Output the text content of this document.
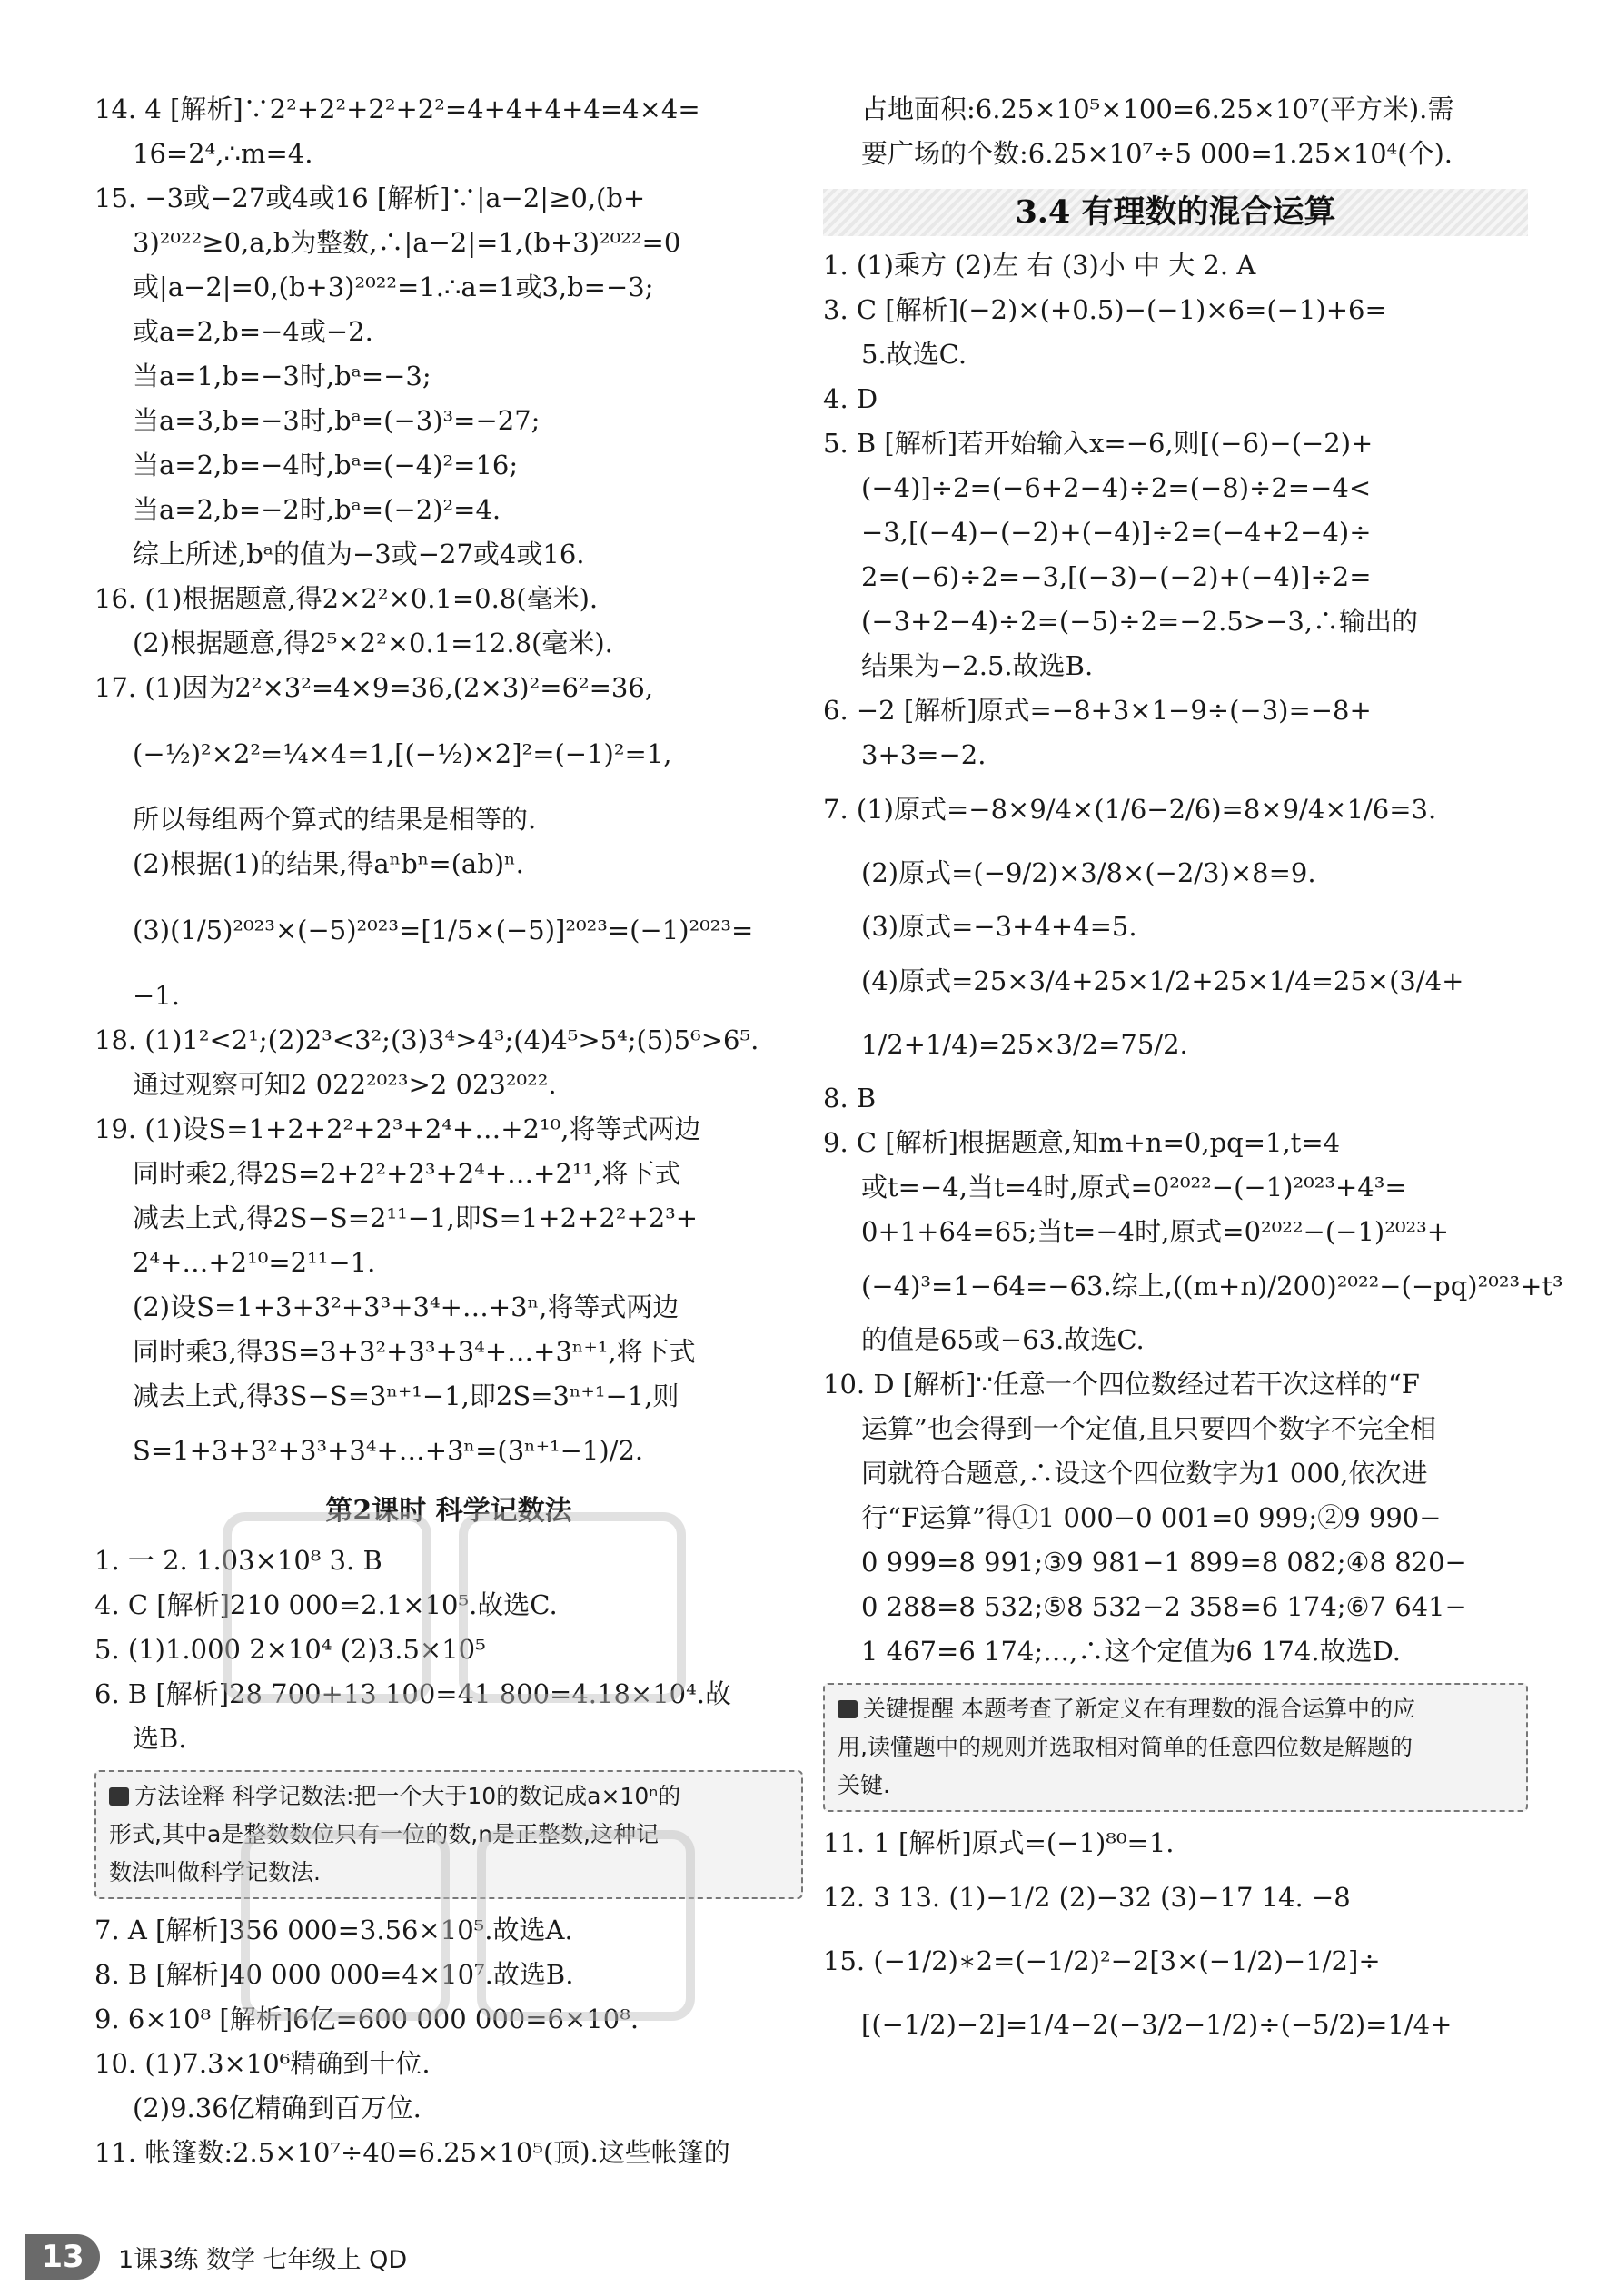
14. 4 [解析]∵2²+2²+2²+2²=4+4+4+4=4×4=
16=2⁴,∴m=4.
15. −3或−27或4或16 [解析]∵|a−2|≥0,(b+
3)²⁰²²≥0,a,b为整数,∴|a−2|=1,(b+3)²⁰²²=0
或|a−2|=0,(b+3)²⁰²²=1.∴a=1或3,b=−3;
或a=2,b=−4或−2.
当a=1,b=−3时,bᵃ=−3;
当a=3,b=−3时,bᵃ=(−3)³=−27;
当a=2,b=−4时,bᵃ=(−4)²=16;
当a=2,b=−2时,bᵃ=(−2)²=4.
综上所述,bᵃ的值为−3或−27或4或16.
16. (1)根据题意,得2×2²×0.1=0.8(毫米).
(2)根据题意,得2⁵×2²×0.1=12.8(毫米).
17. (1)因为2²×3²=4×9=36,(2×3)²=6²=36,
(−½)²×2²=¼×4=1,[(−½)×2]²=(−1)²=1,
所以每组两个算式的结果是相等的.
(2)根据(1)的结果,得aⁿbⁿ=(ab)ⁿ.
(3)(1/5)²⁰²³×(−5)²⁰²³=[1/5×(−5)]²⁰²³=(−1)²⁰²³=
−1.
18. (1)1²<2¹;(2)2³<3²;(3)3⁴>4³;(4)4⁵>5⁴;(5)5⁶>6⁵.
通过观察可知2 022²⁰²³>2 023²⁰²².
19. (1)设S=1+2+2²+2³+2⁴+…+2¹⁰,将等式两边
同时乘2,得2S=2+2²+2³+2⁴+…+2¹¹,将下式
减去上式,得2S−S=2¹¹−1,即S=1+2+2²+2³+
2⁴+…+2¹⁰=2¹¹−1.
(2)设S=1+3+3²+3³+3⁴+…+3ⁿ,将等式两边
同时乘3,得3S=3+3²+3³+3⁴+…+3ⁿ⁺¹,将下式
减去上式,得3S−S=3ⁿ⁺¹−1,即2S=3ⁿ⁺¹−1,则
S=1+3+3²+3³+3⁴+…+3ⁿ=(3ⁿ⁺¹−1)/2.
第2课时 科学记数法
1. 一 2. 1.03×10⁸ 3. B
4. C [解析]210 000=2.1×10⁵.故选C.
5. (1)1.000 2×10⁴ (2)3.5×10⁵
6. B [解析]28 700+13 100=41 800=4.18×10⁴.故
选B.
方法诠释 科学记数法:把一个大于10的数记成a×10ⁿ的
形式,其中a是整数数位只有一位的数,n是正整数,这种记
数法叫做科学记数法.
7. A [解析]356 000=3.56×10⁵.故选A.
8. B [解析]40 000 000=4×10⁷.故选B.
9. 6×10⁸ [解析]6亿=600 000 000=6×10⁸.
10. (1)7.3×10⁶精确到十位.
(2)9.36亿精确到百万位.
11. 帐篷数:2.5×10⁷÷40=6.25×10⁵(顶).这些帐篷的
占地面积:6.25×10⁵×100=6.25×10⁷(平方米).需
要广场的个数:6.25×10⁷÷5 000=1.25×10⁴(个).
3.4 有理数的混合运算
1. (1)乘方 (2)左 右 (3)小 中 大 2. A
3. C [解析](−2)×(+0.5)−(−1)×6=(−1)+6=
5.故选C.
4. D
5. B [解析]若开始输入x=−6,则[(−6)−(−2)+
(−4)]÷2=(−6+2−4)÷2=(−8)÷2=−4<
−3,[(−4)−(−2)+(−4)]÷2=(−4+2−4)÷
2=(−6)÷2=−3,[(−3)−(−2)+(−4)]÷2=
(−3+2−4)÷2=(−5)÷2=−2.5>−3,∴输出的
结果为−2.5.故选B.
6. −2 [解析]原式=−8+3×1−9÷(−3)=−8+
3+3=−2.
7. (1)原式=−8×9/4×(1/6−2/6)=8×9/4×1/6=3.
(2)原式=(−9/2)×3/8×(−2/3)×8=9.
(3)原式=−3+4+4=5.
(4)原式=25×3/4+25×1/2+25×1/4=25×(3/4+
1/2+1/4)=25×3/2=75/2.
8. B
9. C [解析]根据题意,知m+n=0,pq=1,t=4
或t=−4,当t=4时,原式=0²⁰²²−(−1)²⁰²³+4³=
0+1+64=65;当t=−4时,原式=0²⁰²²−(−1)²⁰²³+
(−4)³=1−64=−63.综上,((m+n)/200)²⁰²²−(−pq)²⁰²³+t³
的值是65或−63.故选C.
10. D [解析]∵任意一个四位数经过若干次这样的“F
运算”也会得到一个定值,且只要四个数字不完全相
同就符合题意,∴设这个四位数字为1 000,依次进
行“F运算”得①1 000−0 001=0 999;②9 990−
0 999=8 991;③9 981−1 899=8 082;④8 820−
0 288=8 532;⑤8 532−2 358=6 174;⑥7 641−
1 467=6 174;…,∴这个定值为6 174.故选D.
关键提醒 本题考查了新定义在有理数的混合运算中的应
用,读懂题中的规则并选取相对简单的任意四位数是解题的
关键.
11. 1 [解析]原式=(−1)⁸⁰=1.
12. 3 13. (1)−1/2 (2)−32 (3)−17 14. −8
15. (−1/2)∗2=(−1/2)²−2[3×(−1/2)−1/2]÷
[(−1/2)−2]=1/4−2(−3/2−1/2)÷(−5/2)=1/4+
13	1课3练 数学 七年级上 QD
